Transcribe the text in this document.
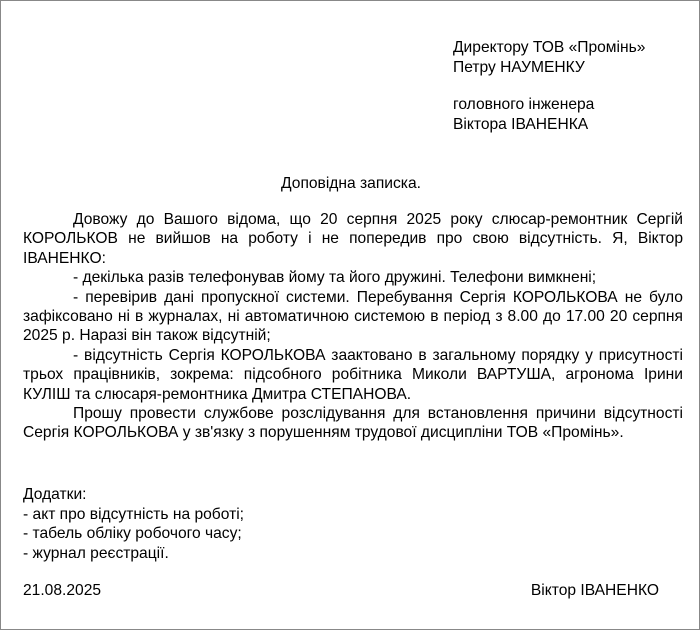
Директору ТОВ «Промінь»
Петру НАУМЕНКУ
головного інженера
Віктора ІВАНЕНКА
Доповідна записка.

Довожу до Вашого відома, що 20 серпня 2025 року слюсар-ремонтник Сергій КОРОЛЬКОВ не вийшов на роботу і не попередив про свою відсутність. Я, Віктор ІВАНЕНКО:

- декілька разів телефонував йому та його дружині. Телефони вимкнені;

- перевірив дані пропускної системи. Перебування Сергія КОРОЛЬКОВА не було зафіксовано ні в журналах, ні автоматичною системою в період з 8.00 до 17.00 20 серпня 2025 р. Наразі він також відсутній;

- відсутність Сергія КОРОЛЬКОВА заактовано в загальному порядку у присутності трьох працівників, зокрема: підсобного робітника Миколи ВАРТУША, агронома Ірини КУЛІШ та слюсаря-ремонтника Дмитра СТЕПАНОВА.

Прошу провести службове розслідування для встановлення причини відсутності Сергія КОРОЛЬКОВА у зв'язку з порушенням трудової дисципліни ТОВ «Промінь».

Додатки:
- акт про відсутність на роботі;
- табель обліку робочого часу;
- журнал реєстрації.
21.08.2025	Віктор ІВАНЕНКО
